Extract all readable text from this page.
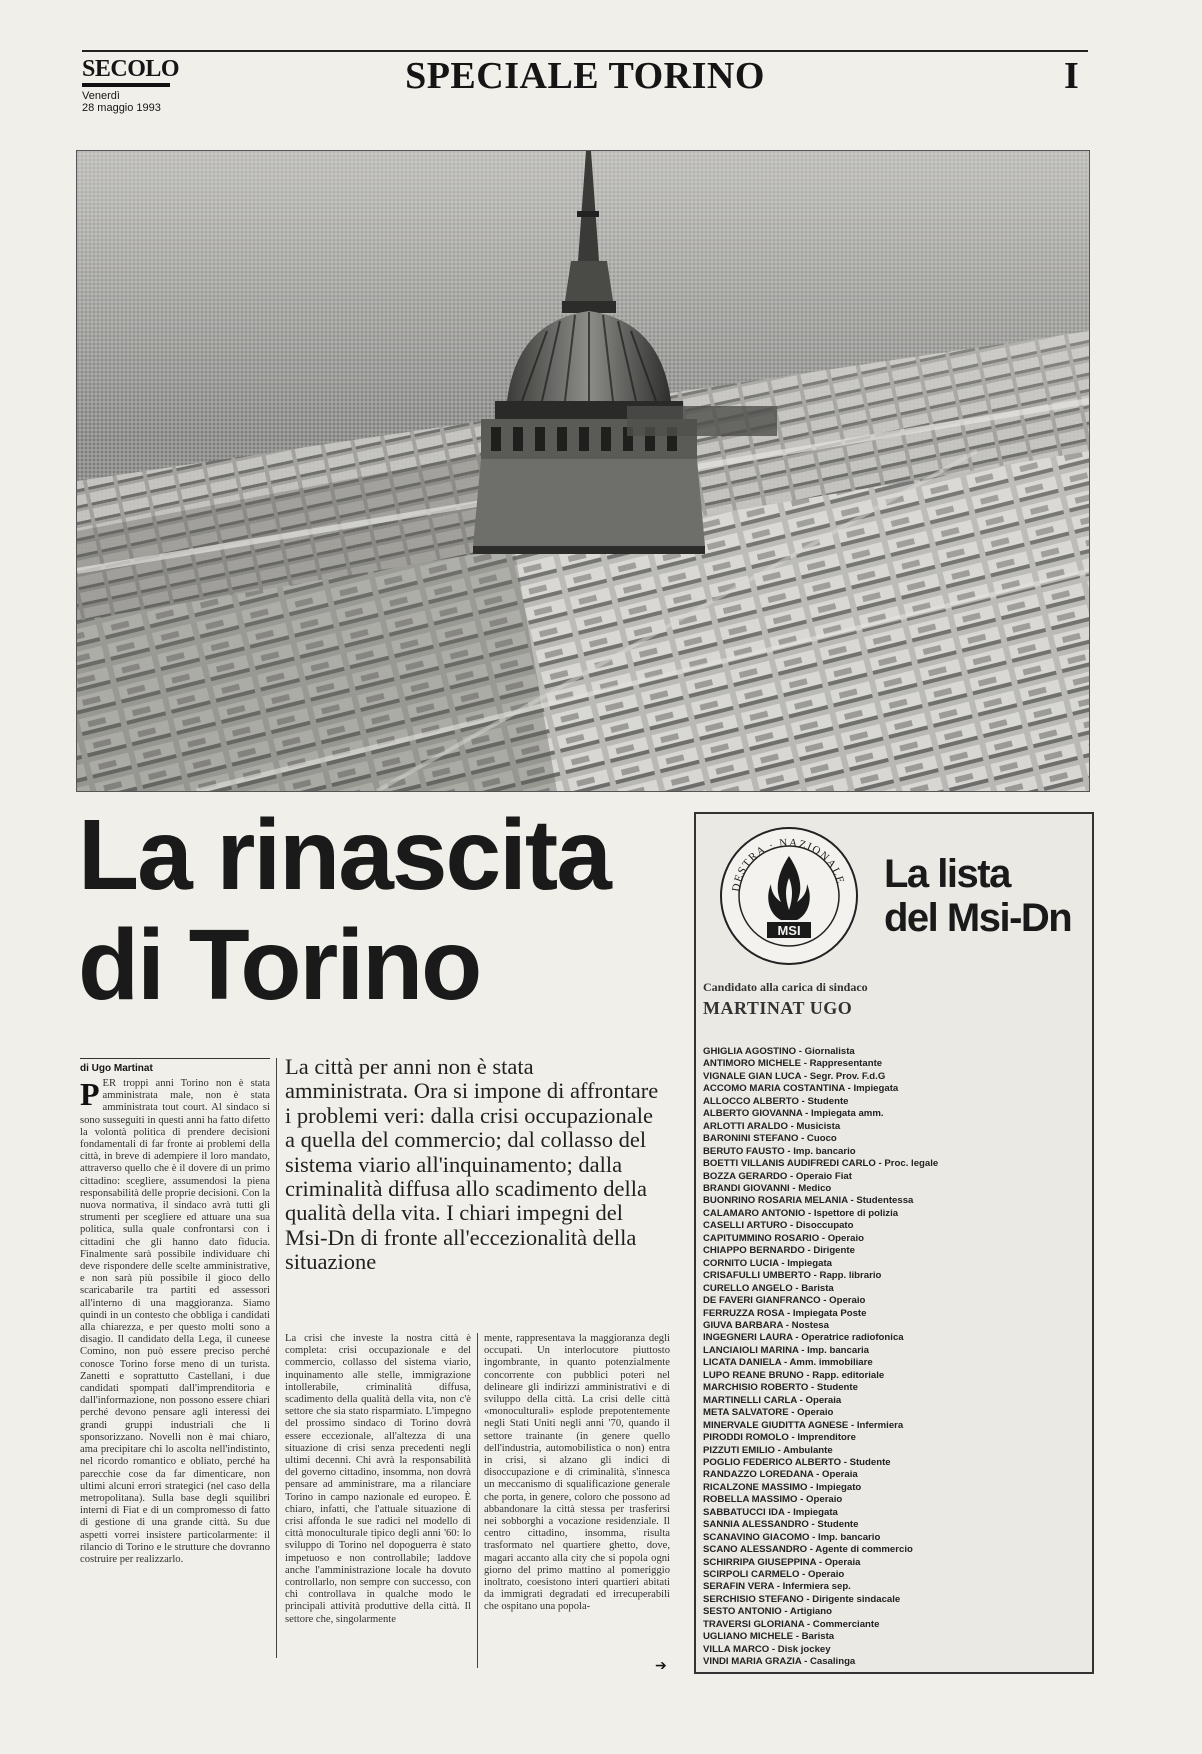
SECOLO
Venerdì
28 maggio 1993
SPECIALE TORINO	I
La rinascita
di Torino
di Ugo Martinat
P ER troppi anni Torino non è stata amministrata male, non è stata amministrata tout court. Al sindaco si sono susseguiti in questi anni ha fatto difetto la volontà politica di prendere decisioni fondamentali di far fronte ai problemi della città, in breve di adempiere il loro mandato, attraverso quello che è il dovere di un primo cittadino: scegliere, assumendosi la piena responsabilità delle proprie decisioni. Con la nuova normativa, il sindaco avrà tutti gli strumenti per scegliere ed attuare una sua politica, sulla quale confrontarsi con i cittadini che gli hanno dato fiducia. Finalmente sarà possibile individuare chi deve rispondere delle scelte amministrative, e non sarà più possibile il gioco dello scaricabarile tra partiti ed assessori all'interno di una maggioranza. Siamo quindi in un contesto che obbliga i candidati alla chiarezza, e per questo molti sono a disagio. Il candidato della Lega, il cuneese Comino, non può essere preciso perché conosce Torino forse meno di un turista. Zanetti e soprattutto Castellani, i due candidati spompati dall'imprenditoria e dall'informazione, non possono essere chiari perché devono pensare agli interessi dei grandi gruppi industriali che li sponsorizzano. Novelli non è mai chiaro, ama precipitare chi lo ascolta nell'indistinto, nel ricordo romantico e obliato, perché ha parecchie cose da far dimenticare, non ultimi alcuni errori strategici (nel caso della metropolitana). Sulla base degli squilibri interni di Fiat e di un compromesso di fatto di gestione di una grande città. Su due aspetti vorrei insistere particolarmente: il rilancio di Torino e le strutture che dovranno costruire per realizzarlo.
La città per anni non è stata amministrata. Ora si impone di affrontare i problemi veri: dalla crisi occupazionale a quella del commercio; dal collasso del sistema viario all'inquinamento; dalla criminalità diffusa allo scadimento della qualità della vita. I chiari impegni del Msi-Dn di fronte all'eccezionalità della situazione
La crisi che investe la nostra città è completa: crisi occupazionale e del commercio, collasso del sistema viario, inquinamento alle stelle, immigrazione intollerabile, criminalità diffusa, scadimento della qualità della vita, non c'è settore che sia stato risparmiato. L'impegno del prossimo sindaco di Torino dovrà essere eccezionale, all'altezza di una situazione di crisi senza precedenti negli ultimi decenni. Chi avrà la responsabilità del governo cittadino, insomma, non dovrà pensare ad amministrare, ma a rilanciare Torino in campo nazionale ed europeo. È chiaro, infatti, che l'attuale situazione di crisi affonda le sue radici nel modello di città monoculturale tipico degli anni '60: lo sviluppo di Torino nel dopoguerra è stato impetuoso e non controllabile; laddove anche l'amministrazione locale ha dovuto controllarlo, non sempre con successo, con chi controllava in qualche modo le principali attività produttive della città. Il settore che, singolarmente
mente, rappresentava la maggioranza degli occupati. Un interlocutore piuttosto ingombrante, in quanto potenzialmente concorrente con pubblici poteri nel delineare gli indirizzi amministrativi e di sviluppo della città. La crisi delle città «monoculturali» esplode prepotentemente negli Stati Uniti negli anni '70, quando il settore trainante (in genere quello dell'industria, automobilistica o non) entra in crisi, si alzano gli indici di disoccupazione e di criminalità, s'innesca un meccanismo di squalificazione generale che porta, in genere, coloro che possono ad abbandonare la città stessa per trasferirsi nei sobborghi a vocazione residenziale. Il centro cittadino, insomma, risulta trasformato nel quartiere ghetto, dove, magari accanto alla city che si popola ogni giorno del primo mattino al pomeriggio inoltrato, coesistono interi quartieri abitati da immigrati degradati ed irrecuperabili che ospitano una popola-
➔
DESTRA · NAZIONALE
MSI
La lista
del Msi-Dn
Candidato alla carica di sindaco
MARTINAT UGO
GHIGLIA AGOSTINO - Giornalista
ANTIMORO MICHELE - Rappresentante
VIGNALE GIAN LUCA - Segr. Prov. F.d.G
ACCOMO MARIA COSTANTINA - Impiegata
ALLOCCO ALBERTO - Studente
ALBERTO GIOVANNA - Impiegata amm.
ARLOTTI ARALDO - Musicista
BARONINI STEFANO - Cuoco
BERUTO FAUSTO - Imp. bancario
BOETTI VILLANIS AUDIFREDI CARLO - Proc. legale
BOZZA GERARDO - Operaio Fiat
BRANDI GIOVANNI - Medico
BUONRINO ROSARIA MELANIA - Studentessa
CALAMARO ANTONIO - Ispettore di polizia
CASELLI ARTURO - Disoccupato
CAPITUMMINO ROSARIO - Operaio
CHIAPPO BERNARDO - Dirigente
CORNITO LUCIA - Impiegata
CRISAFULLI UMBERTO - Rapp. librario
CURELLO ANGELO - Barista
DE FAVERI GIANFRANCO - Operaio
FERRUZZA ROSA - Impiegata Poste
GIUVA BARBARA - Nostesa
INGEGNERI LAURA - Operatrice radiofonica
LANCIAIOLI MARINA - Imp. bancaria
LICATA DANIELA - Amm. immobiliare
LUPO REANE BRUNO - Rapp. editoriale
MARCHISIO ROBERTO - Studente
MARTINELLI CARLA - Operaia
META SALVATORE - Operaio
MINERVALE GIUDITTA AGNESE - Infermiera
PIRODDI ROMOLO - Imprenditore
PIZZUTI EMILIO - Ambulante
POGLIO FEDERICO ALBERTO - Studente
RANDAZZO LOREDANA - Operaia
RICALZONE MASSIMO - Impiegato
ROBELLA MASSIMO - Operaio
SABBATUCCI IDA - Impiegata
SANNIA ALESSANDRO - Studente
SCANAVINO GIACOMO - Imp. bancario
SCANO ALESSANDRO - Agente di commercio
SCHIRRIPA GIUSEPPINA - Operaia
SCIRPOLI CARMELO - Operaio
SERAFIN VERA - Infermiera sep.
SERCHISIO STEFANO - Dirigente sindacale
SESTO ANTONIO - Artigiano
TRAVERSI GLORIANA - Commerciante
UGLIANO MICHELE - Barista
VILLA MARCO - Disk jockey
VINDI MARIA GRAZIA - Casalinga
